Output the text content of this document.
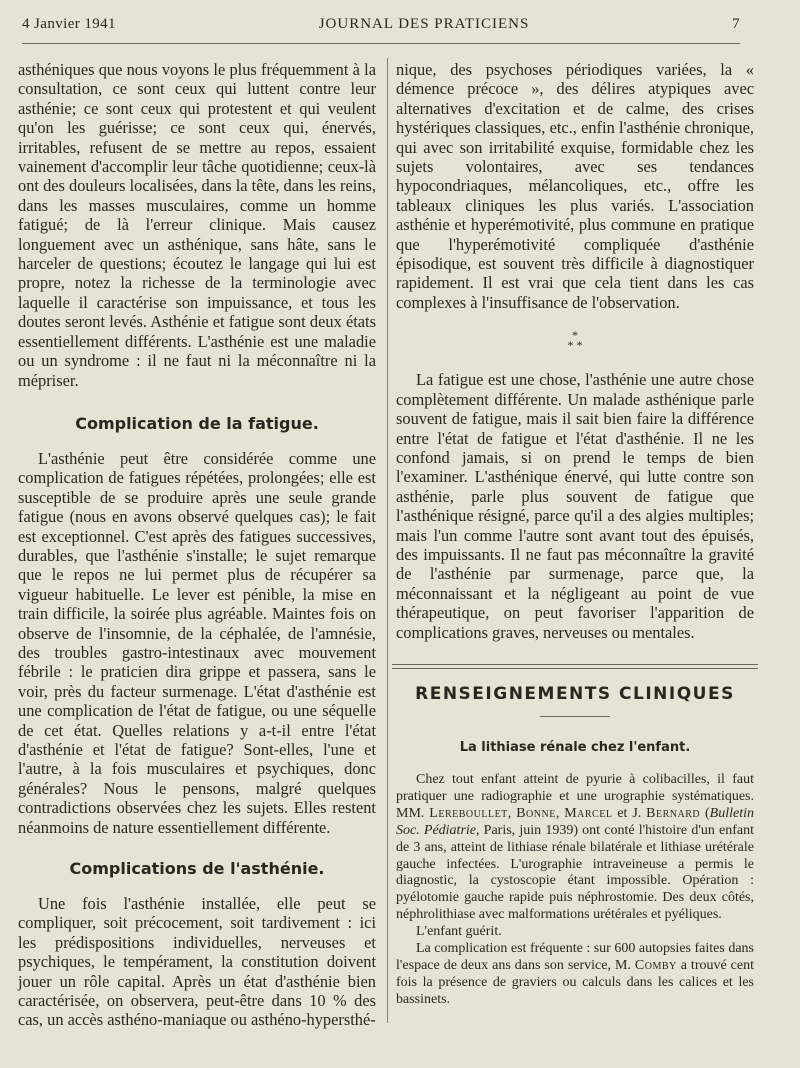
4 Janvier 1941	JOURNAL DES PRATICIENS	7

asthéniques que nous voyons le plus fréquemment à la consultation, ce sont ceux qui luttent contre leur asthénie; ce sont ceux qui protestent et qui veulent qu'on les guérisse; ce sont ceux qui, énervés, irritables, refusent de se mettre au repos, essaient vainement d'accomplir leur tâche quotidienne; ceux-là ont des douleurs localisées, dans la tête, dans les reins, dans les masses musculaires, comme un homme fatigué; de là l'erreur clinique. Mais causez longuement avec un asthénique, sans hâte, sans le harceler de questions; écoutez le langage qui lui est propre, notez la richesse de la terminologie avec laquelle il caractérise son impuissance, et tous les doutes seront levés. Asthénie et fatigue sont deux états essentiellement différents. L'asthénie est une maladie ou un syndrome : il ne faut ni la méconnaître ni la mépriser.

Complication de la fatigue.

L'asthénie peut être considérée comme une complication de fatigues répétées, prolongées; elle est susceptible de se produire après une seule grande fatigue (nous en avons observé quelques cas); le fait est exceptionnel. C'est après des fatigues successives, durables, que l'asthénie s'installe; le sujet remarque que le repos ne lui permet plus de récupérer sa vigueur habituelle. Le lever est pénible, la mise en train difficile, la soirée plus agréable. Maintes fois on observe de l'insomnie, de la céphalée, de l'amnésie, des troubles gastro-intestinaux avec mouvement fébrile : le praticien dira grippe et passera, sans le voir, près du facteur surmenage. L'état d'asthénie est une complication de l'état de fatigue, ou une séquelle de cet état. Quelles relations y a-t-il entre l'état d'asthénie et l'état de fatigue? Sont-elles, l'une et l'autre, à la fois musculaires et psychiques, donc générales? Nous le pensons, malgré quelques contradictions observées chez les sujets. Elles restent néanmoins de nature essentiellement différente.

Complications de l'asthénie.

Une fois l'asthénie installée, elle peut se compliquer, soit précocement, soit tardivement : ici les prédispositions individuelles, nerveuses et psychiques, le tempérament, la constitution doivent jouer un rôle capital. Après un état d'asthénie bien caractérisée, on observera, peut-être dans 10 % des cas, un accès asthéno-maniaque ou asthéno-hypersthé-

nique, des psychoses périodiques variées, la « démence précoce », des délires atypiques avec alternatives d'excitation et de calme, des crises hystériques classiques, etc., enfin l'asthénie chronique, qui avec son irritabilité exquise, formidable chez les sujets volontaires, avec ses tendances hypocondriaques, mélancoliques, etc., offre les tableaux cliniques les plus variés. L'association asthénie et hyperémotivité, plus commune en pratique que l'hyperémotivité compliquée d'asthénie épisodique, est souvent très difficile à diagnostiquer rapidement. Il est vrai que cela tient dans les cas complexes à l'insuffisance de l'observation.

*
* *

La fatigue est une chose, l'asthénie une autre chose complètement différente. Un malade asthénique parle souvent de fatigue, mais il sait bien faire la différence entre l'état de fatigue et l'état d'asthénie. Il ne les confond jamais, si on prend le temps de bien l'examiner. L'asthénique énervé, qui lutte contre son asthénie, parle plus souvent de fatigue que l'asthénique résigné, parce qu'il a des algies multiples; mais l'un comme l'autre sont avant tout des épuisés, des impuissants. Il ne faut pas méconnaître la gravité de l'asthénie par surmenage, parce que, la méconnaissant et la négligeant au point de vue thérapeutique, on peut favoriser l'apparition de complications graves, nerveuses ou mentales.

RENSEIGNEMENTS CLINIQUES
La lithiase rénale chez l'enfant.

Chez tout enfant atteint de pyurie à colibacilles, il faut pratiquer une radiographie et une urographie systématiques. MM. Lereboullet, Bonne, Marcel et J. Bernard (Bulletin Soc. Pédiatrie, Paris, juin 1939) ont conté l'histoire d'un enfant de 3 ans, atteint de lithiase rénale bilatérale et lithiase urétérale gauche infectées. L'urographie intraveineuse a permis le diagnostic, la cystoscopie étant impossible. Opération : pyélotomie gauche rapide puis néphrostomie. Des deux côtés, néphrolithiase avec malformations urétérales et pyéliques.

L'enfant guérit.

La complication est fréquente : sur 600 autopsies faites dans l'espace de deux ans dans son service, M. Comby a trouvé cent fois la présence de graviers ou calculs dans les calices et les bassinets.
